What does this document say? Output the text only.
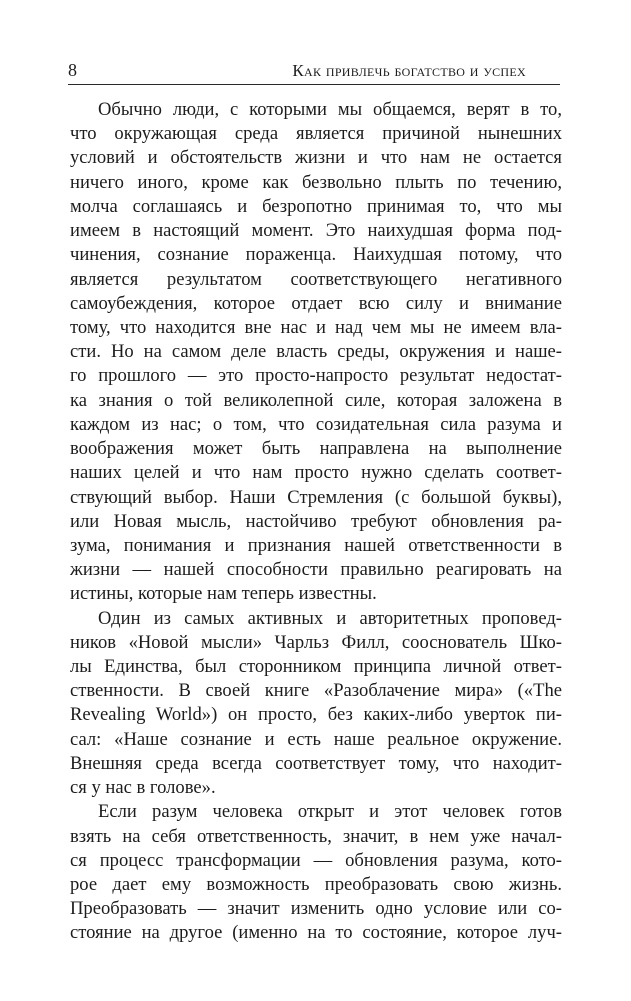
8	Как привлечь богатство и успех
Обычно люди, с которыми мы общаемся, верят в то,
что окружающая среда является причиной нынешних
условий и обстоятельств жизни и что нам не остается
ничего иного, кроме как безвольно плыть по течению,
молча соглашаясь и безропотно принимая то, что мы
имеем в настоящий момент. Это наихудшая форма под-
чинения, сознание пораженца. Наихудшая потому, что
является результатом соответствующего негативного
самоубеждения, которое отдает всю силу и внимание
тому, что находится вне нас и над чем мы не имеем вла-
сти. Но на самом деле власть среды, окружения и наше-
го прошлого — это просто-напросто результат недостат-
ка знания о той великолепной силе, которая заложена в
каждом из нас; о том, что созидательная сила разума и
воображения может быть направлена на выполнение
наших целей и что нам просто нужно сделать соответ-
ствующий выбор. Наши Стремления (с большой буквы),
или Новая мысль, настойчиво требуют обновления ра-
зума, понимания и признания нашей ответственности в
жизни — нашей способности правильно реагировать на
истины, которые нам теперь известны.
Один из самых активных и авторитетных проповед-
ников «Новой мысли» Чарльз Филл, сооснователь Шко-
лы Единства, был сторонником принципа личной ответ-
ственности. В своей книге «Разоблачение мира» («The
Revealing World») он просто, без каких-либо уверток пи-
сал: «Наше сознание и есть наше реальное окружение.
Внешняя среда всегда соответствует тому, что находит-
ся у нас в голове».
Если разум человека открыт и этот человек готов
взять на себя ответственность, значит, в нем уже начал-
ся процесс трансформации — обновления разума, кото-
рое дает ему возможность преобразовать свою жизнь.
Преобразовать — значит изменить одно условие или со-
стояние на другое (именно на то состояние, которое луч-
